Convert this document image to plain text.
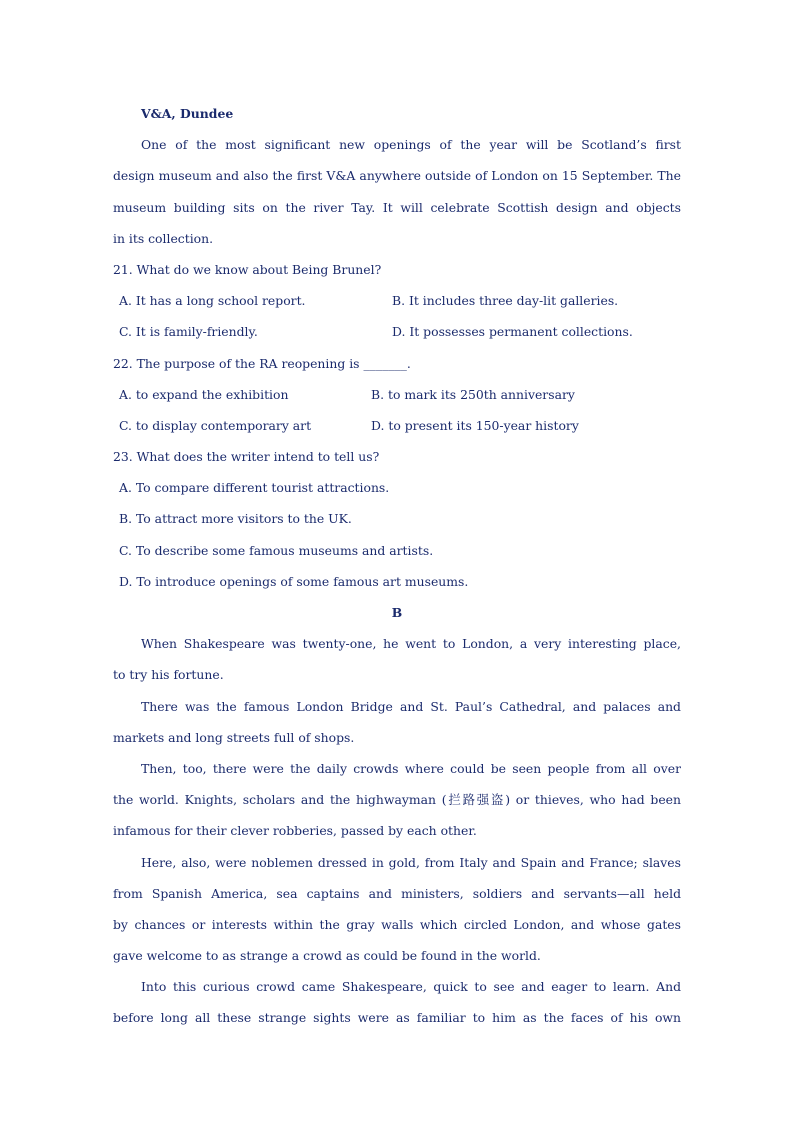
V&A, Dundee
One of the most significant new openings of the year will be Scotland’s first
design museum and also the first V&A anywhere outside of London on 15 September. The
museum building sits on the river Tay. It will celebrate Scottish design and objects
in its collection.
21. What do we know about Being Brunel?
A. It has a long school report.	B. It includes three day-lit galleries.
C. It is family-friendly.	D. It possesses permanent collections.
22. The purpose of the RA reopening is _______.
A. to expand the exhibition	B. to mark its 250th anniversary
C. to display contemporary art	D. to present its 150-year history
23. What does the writer intend to tell us?
A. To compare different tourist attractions.
B. To attract more visitors to the UK.
C. To describe some famous museums and artists.
D. To introduce openings of some famous art museums.
B
When Shakespeare was twenty-one, he went to London, a very interesting place,
to try his fortune.
There was the famous London Bridge and St. Paul’s Cathedral, and palaces and
markets and long streets full of shops.
Then, too, there were the daily crowds where could be seen people from all over
the world. Knights, scholars and the highwayman (拦路强盗) or thieves, who had been
infamous for their clever robberies, passed by each other.
Here, also, were noblemen dressed in gold, from Italy and Spain and France; slaves
from Spanish America, sea captains and ministers, soldiers and servants—all held
by chances or interests within the gray walls which circled London, and whose gates
gave welcome to as strange a crowd as could be found in the world.
Into this curious crowd came Shakespeare, quick to see and eager to learn. And
before long all these strange sights were as familiar to him as the faces of his own
